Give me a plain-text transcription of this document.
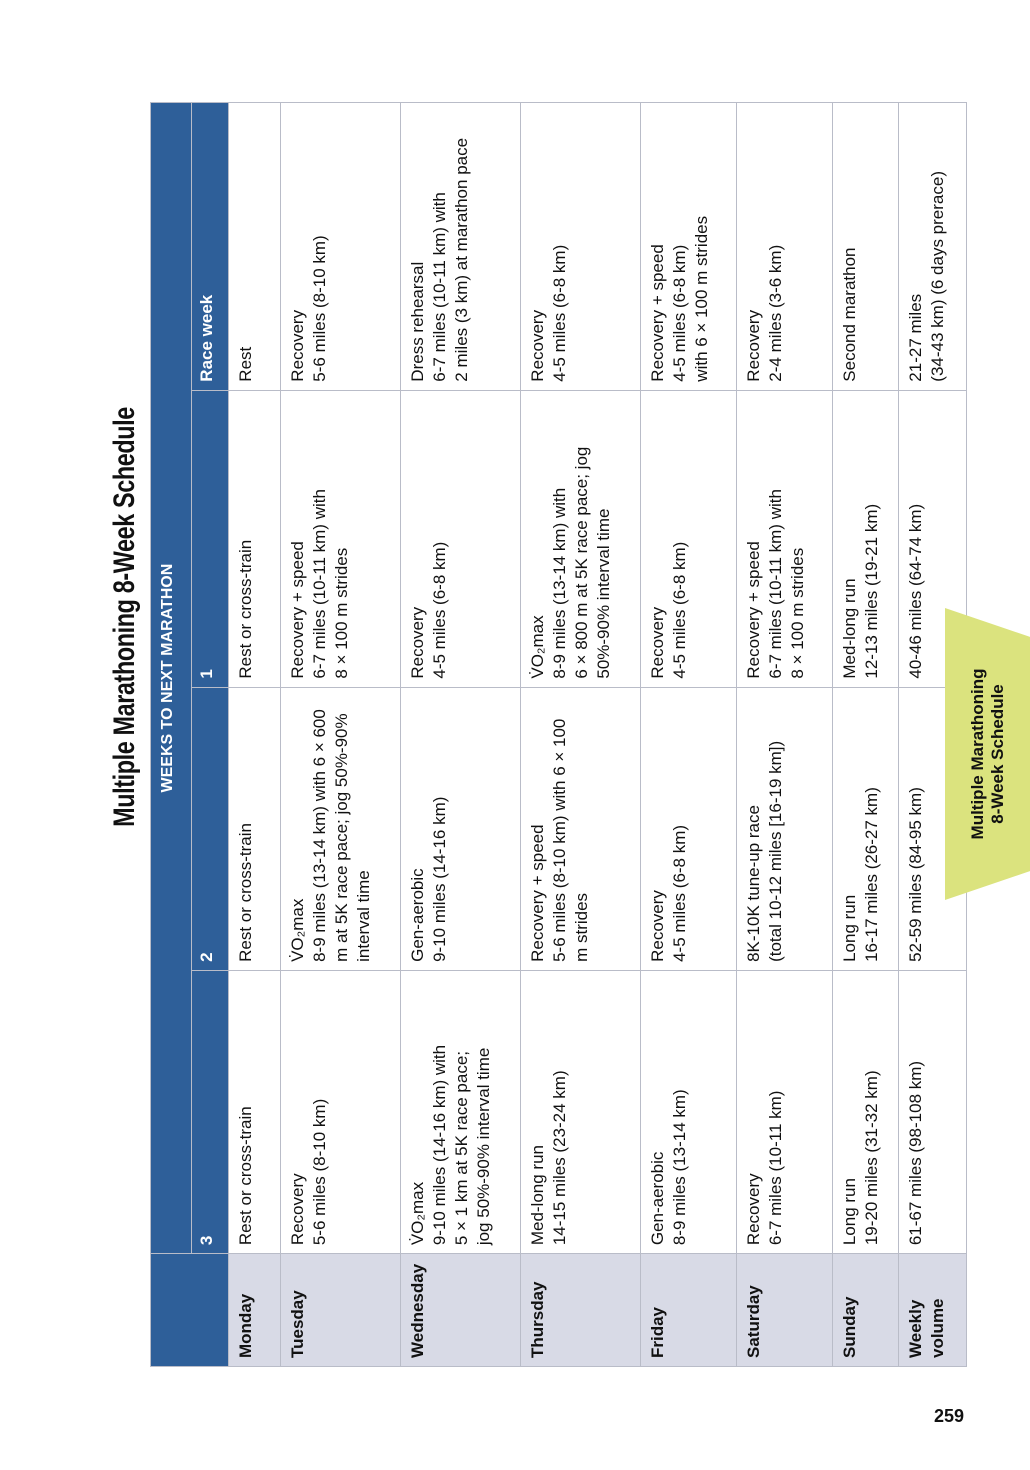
Multiple Marathoning 8-Week Schedule
	WEEKS TO NEXT MARATHON			
	3	2	1	Race week
Monday	Rest or cross-train	Rest or cross-train	Rest or cross-train	Rest

Tuesday	Recovery 5-6 miles (8-10 km)	V̇O₂max 8-9 miles (13-14 km) with 6 × 600 m at 5K race pace; jog 50%-90% interval time	Recovery + speed 6-7 miles (10-11 km) with 8 × 100 m strides	Recovery 5-6 miles (8-10 km)

Wednesday	V̇O₂max 9-10 miles (14-16 km) with 5 × 1 km at 5K race pace; jog 50%-90% interval time	Gen-aerobic 9-10 miles (14-16 km)	Recovery 4-5 miles (6-8 km)	Dress rehearsal 6-7 miles (10-11 km) with 2 miles (3 km) at marathon pace

Thursday	Med-long run 14-15 miles (23-24 km)	Recovery + speed 5-6 miles (8-10 km) with 6 × 100 m strides	V̇O₂max 8-9 miles (13-14 km) with 6 × 800 m at 5K race pace; jog 50%-90% interval time	Recovery 4-5 miles (6-8 km)

Friday	Gen-aerobic 8-9 miles (13-14 km)	Recovery 4-5 miles (6-8 km)	Recovery 4-5 miles (6-8 km)	Recovery + speed 4-5 miles (6-8 km) with 6 × 100 m strides

Saturday	Recovery 6-7 miles (10-11 km)	8K-10K tune-up race (total 10-12 miles [16-19 km])	Recovery + speed 6-7 miles (10-11 km) with 8 × 100 m strides	Recovery 2-4 miles (3-6 km)

Sunday	Long run 19-20 miles (31-32 km)	Long run 16-17 miles (26-27 km)	Med-long run 12-13 miles (19-21 km)	Second marathon

Weekly volume	61-67 miles (98-108 km)	52-59 miles (84-95 km)	40-46 miles (64-74 km)	21-27 miles (34-43 km) (6 days prerace)
Multiple Marathoning 8-Week Schedule
259
